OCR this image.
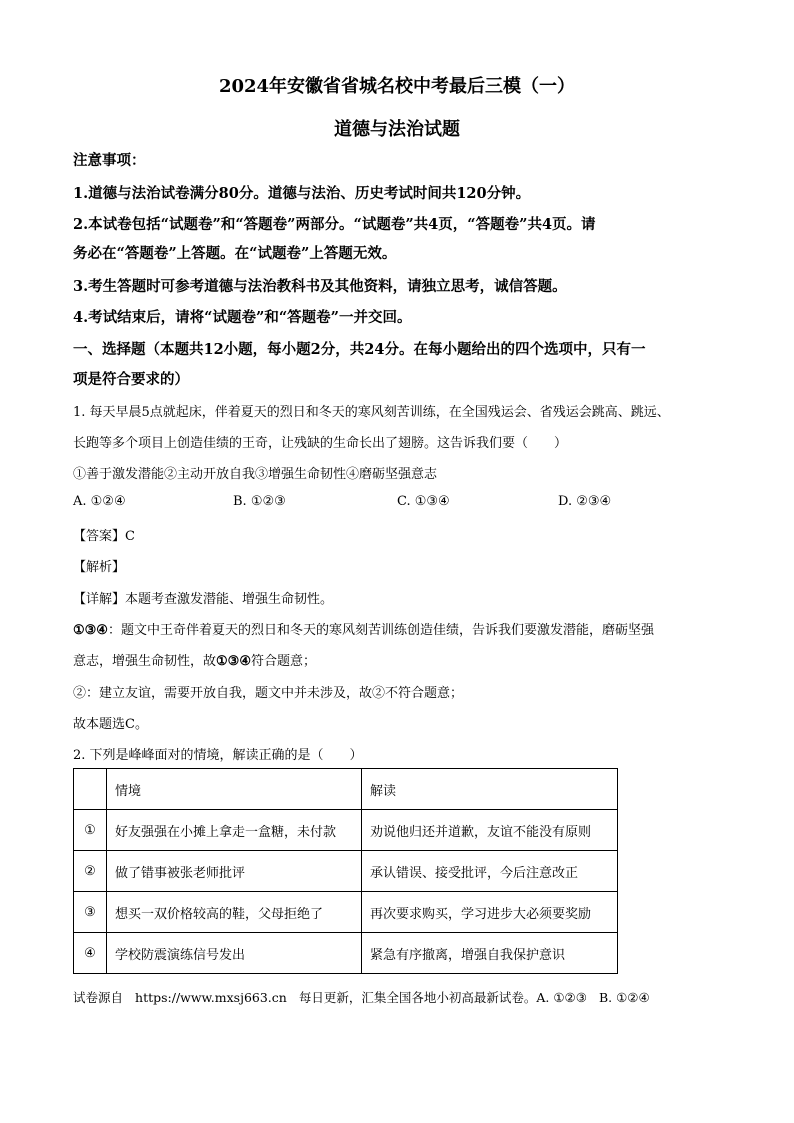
2024年安徽省省城名校中考最后三模（一）
道德与法治试题
注意事项：
1.道德与法治试卷满分80分。道德与法治、历史考试时间共120分钟。
2.本试卷包括“试题卷”和“答题卷”两部分。“试题卷”共4页，“答题卷”共4页。请
务必在“答题卷”上答题。在“试题卷”上答题无效。
3.考生答题时可参考道德与法治教科书及其他资料，请独立思考，诚信答题。
4.考试结束后，请将“试题卷”和“答题卷”一并交回。
一、选择题（本题共12小题，每小题2分，共24分。在每小题给出的四个选项中，只有一
项是符合要求的）
1. 每天早晨5点就起床，伴着夏天的烈日和冬天的寒风刻苦训练，在全国残运会、省残运会跳高、跳远、
长跑等多个项目上创造佳绩的王奇，让残缺的生命长出了翅膀。这告诉我们要（　　）
①善于激发潜能②主动开放自我③增强生命韧性④磨砺坚强意志
A. ①②④	B. ①②③	C. ①③④	D. ②③④
【答案】C
【解析】
【详解】本题考查激发潜能、增强生命韧性。
①③④：题文中王奇伴着夏天的烈日和冬天的寒风刻苦训练创造佳绩，告诉我们要激发潜能，磨砺坚强
意志，增强生命韧性，故①③④符合题意；
②：建立友谊，需要开放自我，题文中并未涉及，故②不符合题意；
故本题选C。
2. 下列是峰峰面对的情境，解读正确的是（　　）
	情境	解读
①	好友强强在小摊上拿走一盒糖，未付款	劝说他归还并道歉，友谊不能没有原则
②	做了错事被张老师批评	承认错误、接受批评，今后注意改正
③	想买一双价格较高的鞋，父母拒绝了	再次要求购买，学习进步大必须要奖励
④	学校防震演练信号发出	紧急有序撤离，增强自我保护意识
试卷源自 https://www.mxsj663.cn 每日更新，汇集全国各地小初高最新试卷。A. ①②③ B. ①②④
